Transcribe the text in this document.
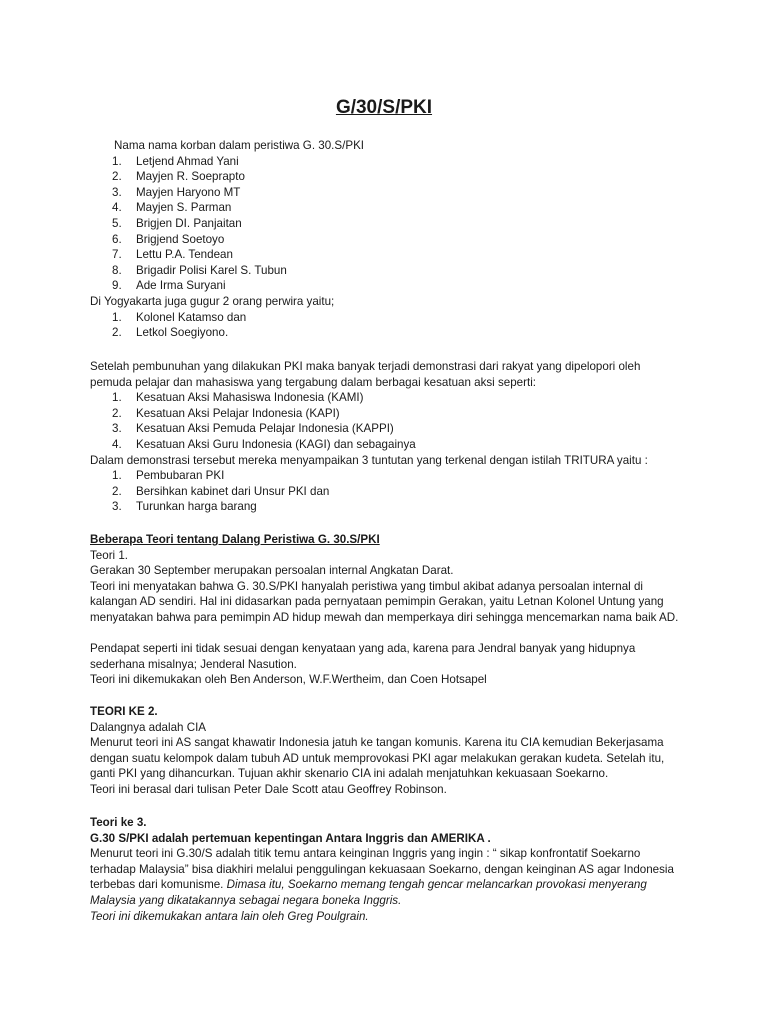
G/30/S/PKI
Nama nama korban dalam peristiwa G. 30.S/PKI
1. Letjend Ahmad Yani
2. Mayjen R. Soeprapto
3. Mayjen Haryono MT
4. Mayjen S. Parman
5. Brigjen DI. Panjaitan
6. Brigjend Soetoyo
7. Lettu P.A. Tendean
8. Brigadir Polisi Karel S. Tubun
9. Ade Irma Suryani
Di Yogyakarta juga gugur 2 orang perwira yaitu;
1. Kolonel Katamso dan
2. Letkol Soegiyono.
Setelah pembunuhan yang dilakukan PKI maka banyak terjadi demonstrasi dari rakyat yang dipelopori oleh
pemuda pelajar dan mahasiswa yang tergabung dalam berbagai kesatuan aksi seperti:
1. Kesatuan Aksi Mahasiswa Indonesia (KAMI)
2. Kesatuan Aksi Pelajar Indonesia (KAPI)
3. Kesatuan Aksi Pemuda Pelajar Indonesia (KAPPI)
4. Kesatuan Aksi Guru Indonesia (KAGI) dan sebagainya
Dalam demonstrasi tersebut mereka menyampaikan 3 tuntutan yang terkenal dengan istilah TRITURA yaitu :
1. Pembubaran PKI
2. Bersihkan kabinet dari Unsur PKI dan
3. Turunkan harga barang
Beberapa Teori tentang Dalang Peristiwa G. 30.S/PKI
Teori 1.
Gerakan 30 September merupakan persoalan internal Angkatan Darat.
Teori ini menyatakan bahwa G. 30.S/PKI hanyalah peristiwa yang timbul akibat adanya persoalan internal di
kalangan AD sendiri. Hal ini didasarkan pada pernyataan pemimpin Gerakan, yaitu Letnan Kolonel Untung yang
menyatakan bahwa para pemimpin AD hidup mewah dan memperkaya diri sehingga mencemarkan nama baik AD.
Pendapat seperti ini tidak sesuai dengan kenyataan yang ada, karena para Jendral banyak yang hidupnya
sederhana misalnya; Jenderal Nasution.
Teori ini dikemukakan oleh Ben Anderson, W.F.Wertheim, dan Coen Hotsapel
TEORI KE 2.
Dalangnya adalah CIA
Menurut teori ini AS sangat khawatir Indonesia jatuh ke tangan komunis. Karena itu CIA kemudian Bekerjasama
dengan suatu kelompok dalam tubuh AD untuk memprovokasi PKI agar melakukan gerakan kudeta. Setelah itu,
ganti PKI yang dihancurkan. Tujuan akhir skenario CIA ini adalah menjatuhkan kekuasaan Soekarno.
Teori ini berasal dari tulisan Peter Dale Scott atau Geoffrey Robinson.
Teori ke 3.
G.30 S/PKI adalah pertemuan kepentingan Antara Inggris dan AMERIKA .
Menurut teori ini G.30/S adalah titik temu antara keinginan Inggris yang ingin : “ sikap konfrontatif Soekarno
terhadap Malaysia” bisa diakhiri melalui penggulingan kekuasaan Soekarno, dengan keinginan AS agar Indonesia
terbebas dari komunisme. Dimasa itu, Soekarno memang tengah gencar melancarkan provokasi menyerang
Malaysia yang dikatakannya sebagai negara boneka Inggris.
Teori ini dikemukakan antara lain oleh Greg Poulgrain.
